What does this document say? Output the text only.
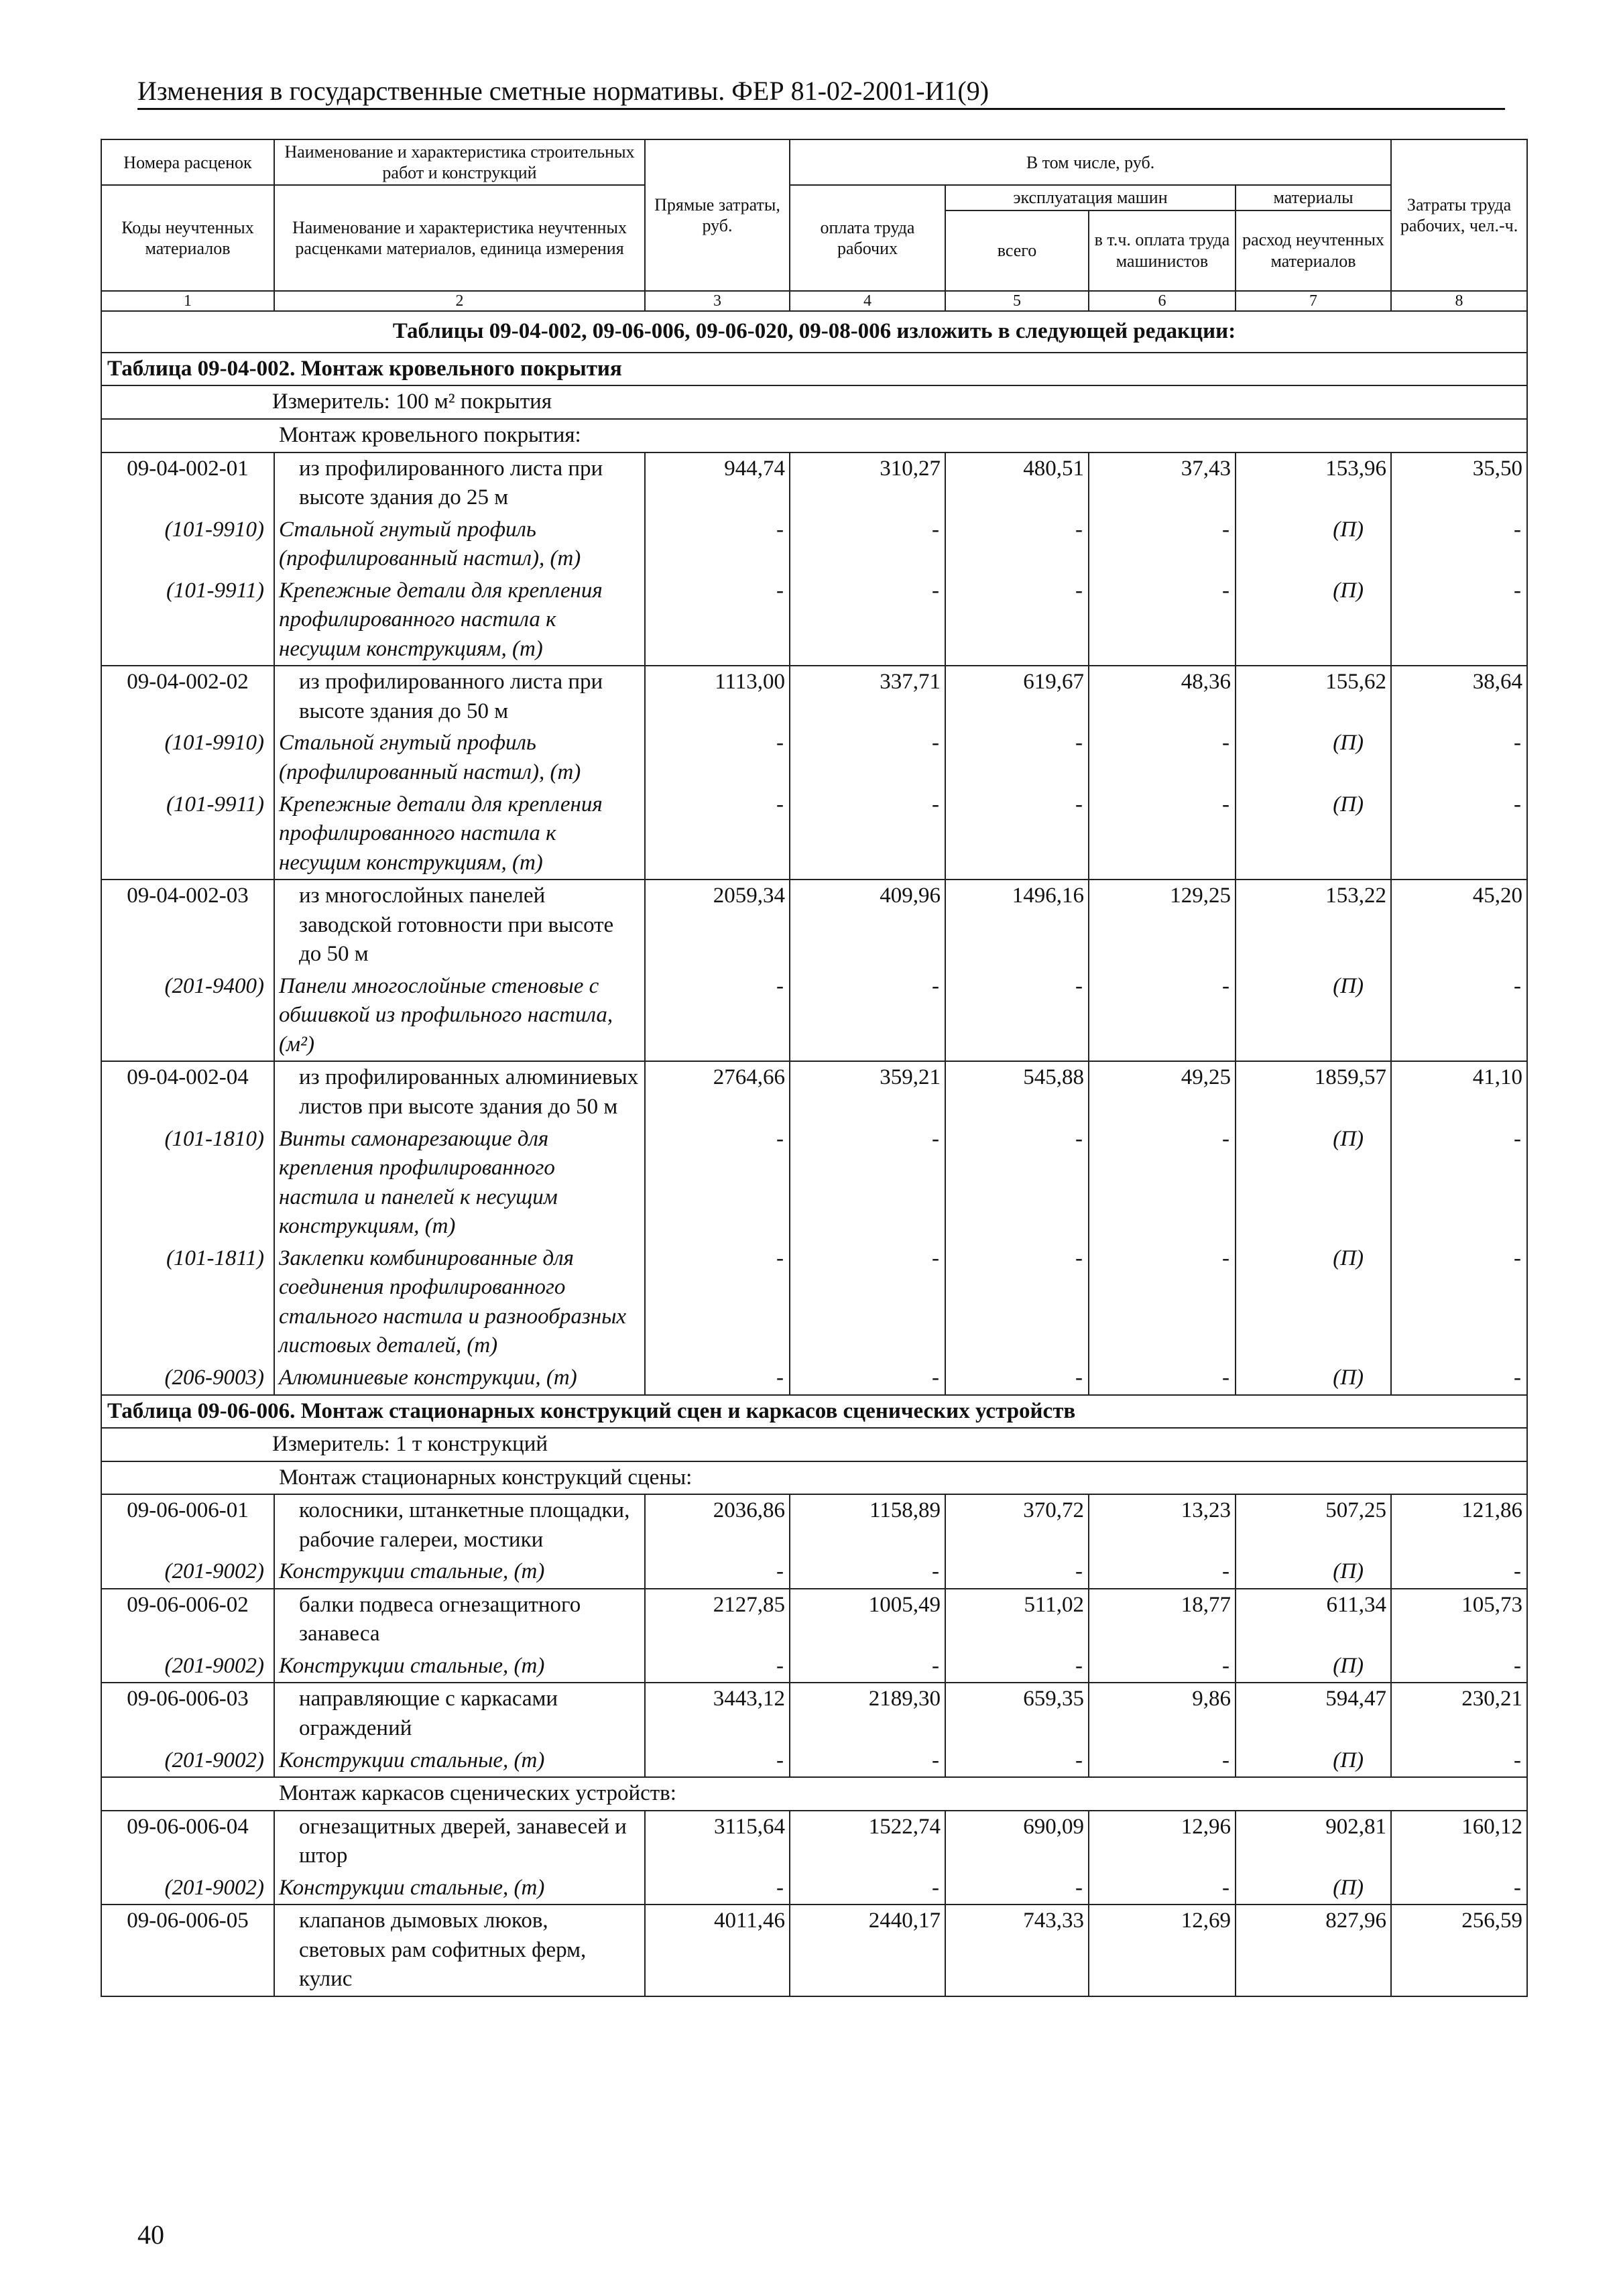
Изменения в государственные сметные нормативы. ФЕР 81-02-2001-И1(9)
Номера расценок	Наименование и характеристика строительных работ и конструкций	Прямые затраты, руб.	В том числе, руб.				Затраты труда рабочих, чел.-ч.
Коды неучтенных материалов	Наименование и характеристика неучтенных расценками материалов, единица измерения		оплата труда рабочих	эксплуатация машин		материалы	
				всего	в т.ч. оплата труда машинистов	расход неучтенных материалов	

1	2	3	4	5	6	7	8
Таблицы 09-04-002, 09-06-006, 09-06-020, 09-08-006 изложить в следующей редакции:							
Таблица 09-04-002. Монтаж кровельного покрытия							
Измеритель: 100 м² покрытия							
Монтаж кровельного покрытия:							
09-04-002-01	из профилированного листа при высоте здания до 25 м	944,74	310,27	480,51	37,43	153,96	35,50
(101-9910)	Стальной гнутый профиль (профилированный настил), (т)	-	-	-	-	(П)	-
(101-9911)	Крепежные детали для крепления профилированного настила к несущим конструкциям, (т)	-	-	-	-	(П)	-
09-04-002-02	из профилированного листа при высоте здания до 50 м	1113,00	337,71	619,67	48,36	155,62	38,64
(101-9910)	Стальной гнутый профиль (профилированный настил), (т)	-	-	-	-	(П)	-
(101-9911)	Крепежные детали для крепления профилированного настила к несущим конструкциям, (т)	-	-	-	-	(П)	-
09-04-002-03	из многослойных панелей заводской готовности при высоте до 50 м	2059,34	409,96	1496,16	129,25	153,22	45,20
(201-9400)	Панели многослойные стеновые с обшивкой из профильного настила, (м²)	-	-	-	-	(П)	-
09-04-002-04	из профилированных алюминиевых листов при высоте здания до 50 м	2764,66	359,21	545,88	49,25	1859,57	41,10
(101-1810)	Винты самонарезающие для крепления профилированного настила и панелей к несущим конструкциям, (т)	-	-	-	-	(П)	-
(101-1811)	Заклепки комбинированные для соединения профилированного стального настила и разнообразных листовых деталей, (т)	-	-	-	-	(П)	-
(206-9003)	Алюминиевые конструкции, (т)	-	-	-	-	(П)	-
Таблица 09-06-006. Монтаж стационарных конструкций сцен и каркасов сценических устройств							
Измеритель: 1 т конструкций							
Монтаж стационарных конструкций сцены:							
09-06-006-01	колосники, штанкетные площадки, рабочие галереи, мостики	2036,86	1158,89	370,72	13,23	507,25	121,86
(201-9002)	Конструкции стальные, (т)	-	-	-	-	(П)	-
09-06-006-02	балки подвеса огнезащитного занавеса	2127,85	1005,49	511,02	18,77	611,34	105,73
(201-9002)	Конструкции стальные, (т)	-	-	-	-	(П)	-
09-06-006-03	направляющие с каркасами ограждений	3443,12	2189,30	659,35	9,86	594,47	230,21
(201-9002)	Конструкции стальные, (т)	-	-	-	-	(П)	-
Монтаж каркасов сценических устройств:							
09-06-006-04	огнезащитных дверей, занавесей и штор	3115,64	1522,74	690,09	12,96	902,81	160,12
(201-9002)	Конструкции стальные, (т)	-	-	-	-	(П)	-
09-06-006-05	клапанов дымовых люков, световых рам софитных ферм, кулис	4011,46	2440,17	743,33	12,69	827,96	256,59
40
